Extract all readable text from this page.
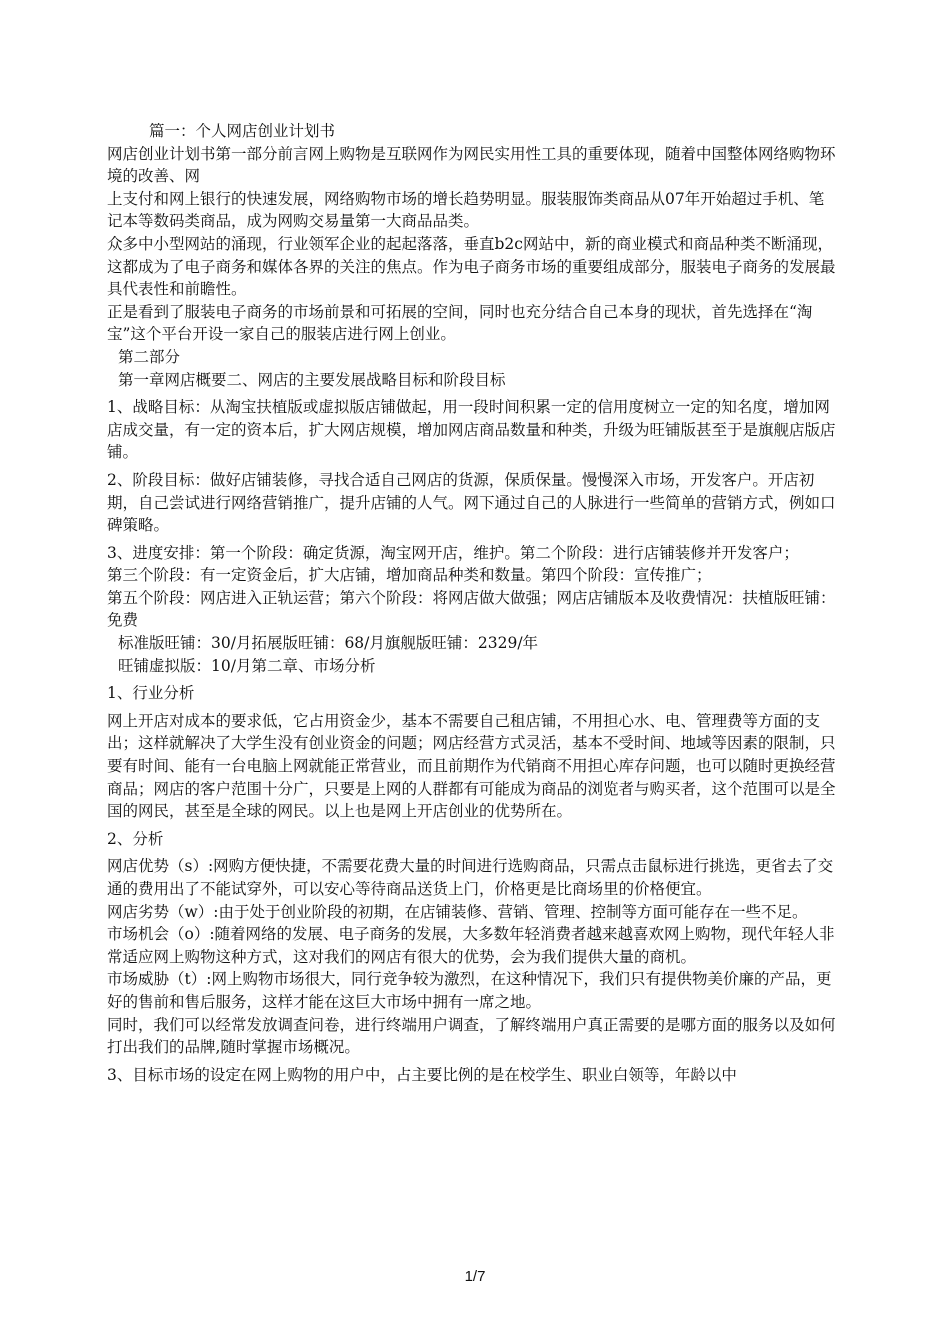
篇一：个人网店创业计划书

网店创业计划书第一部分前言网上购物是互联网作为网民实用性工具的重要体现，随着中国整体网络购物环境的改善、网

上支付和网上银行的快速发展，网络购物市场的增长趋势明显。服装服饰类商品从07年开始超过手机、笔记本等数码类商品，成为网购交易量第一大商品品类。

众多中小型网站的涌现，行业领军企业的起起落落，垂直b2c网站中，新的商业模式和商品种类不断涌现，这都成为了电子商务和媒体各界的关注的焦点。作为电子商务市场的重要组成部分，服装电子商务的发展最具代表性和前瞻性。

正是看到了服装电子商务的市场前景和可拓展的空间，同时也充分结合自己本身的现状，首先选择在“淘宝”这个平台开设一家自己的服装店进行网上创业。

第二部分

第一章网店概要二、网店的主要发展战略目标和阶段目标

1、战略目标：从淘宝扶植版或虚拟版店铺做起，用一段时间积累一定的信用度树立一定的知名度，增加网店成交量，有一定的资本后，扩大网店规模，增加网店商品数量和种类，升级为旺铺版甚至于是旗舰店版店铺。

2、阶段目标：做好店铺装修，寻找合适自己网店的货源，保质保量。慢慢深入市场，开发客户。开店初期，自己尝试进行网络营销推广，提升店铺的人气。网下通过自己的人脉进行一些简单的营销方式，例如口碑策略。

3、进度安排：第一个阶段：确定货源，淘宝网开店，维护。第二个阶段：进行店铺装修并开发客户；

第三个阶段：有一定资金后，扩大店铺，增加商品种类和数量。第四个阶段：宣传推广；

第五个阶段：网店进入正轨运营；第六个阶段：将网店做大做强；网店店铺版本及收费情况：扶植版旺铺：免费

标准版旺铺：30/月拓展版旺铺：68/月旗舰版旺铺：2329/年

旺铺虚拟版：10/月第二章、市场分析

1、行业分析

网上开店对成本的要求低，它占用资金少，基本不需要自己租店铺，不用担心水、电、管理费等方面的支出；这样就解决了大学生没有创业资金的问题；网店经营方式灵活，基本不受时间、地域等因素的限制，只要有时间、能有一台电脑上网就能正常营业，而且前期作为代销商不用担心库存问题，也可以随时更换经营商品；网店的客户范围十分广，只要是上网的人群都有可能成为商品的浏览者与购买者，这个范围可以是全国的网民，甚至是全球的网民。以上也是网上开店创业的优势所在。

2、分析

网店优势（s）:网购方便快捷，不需要花费大量的时间进行选购商品，只需点击鼠标进行挑选，更省去了交通的费用出了不能试穿外，可以安心等待商品送货上门，价格更是比商场里的价格便宜。

网店劣势（w）:由于处于创业阶段的初期，在店铺装修、营销、管理、控制等方面可能存在一些不足。

市场机会（o）:随着网络的发展、电子商务的发展，大多数年轻消费者越来越喜欢网上购物，现代年轻人非常适应网上购物这种方式，这对我们的网店有很大的优势，会为我们提供大量的商机。

市场威胁（t）:网上购物市场很大，同行竞争较为激烈，在这种情况下，我们只有提供物美价廉的产品，更好的售前和售后服务，这样才能在这巨大市场中拥有一席之地。

同时，我们可以经常发放调查问卷，进行终端用户调查，了解终端用户真正需要的是哪方面的服务以及如何打出我们的品牌,随时掌握市场概况。

3、目标市场的设定在网上购物的用户中，占主要比例的是在校学生、职业白领等，年龄以中

1/7
